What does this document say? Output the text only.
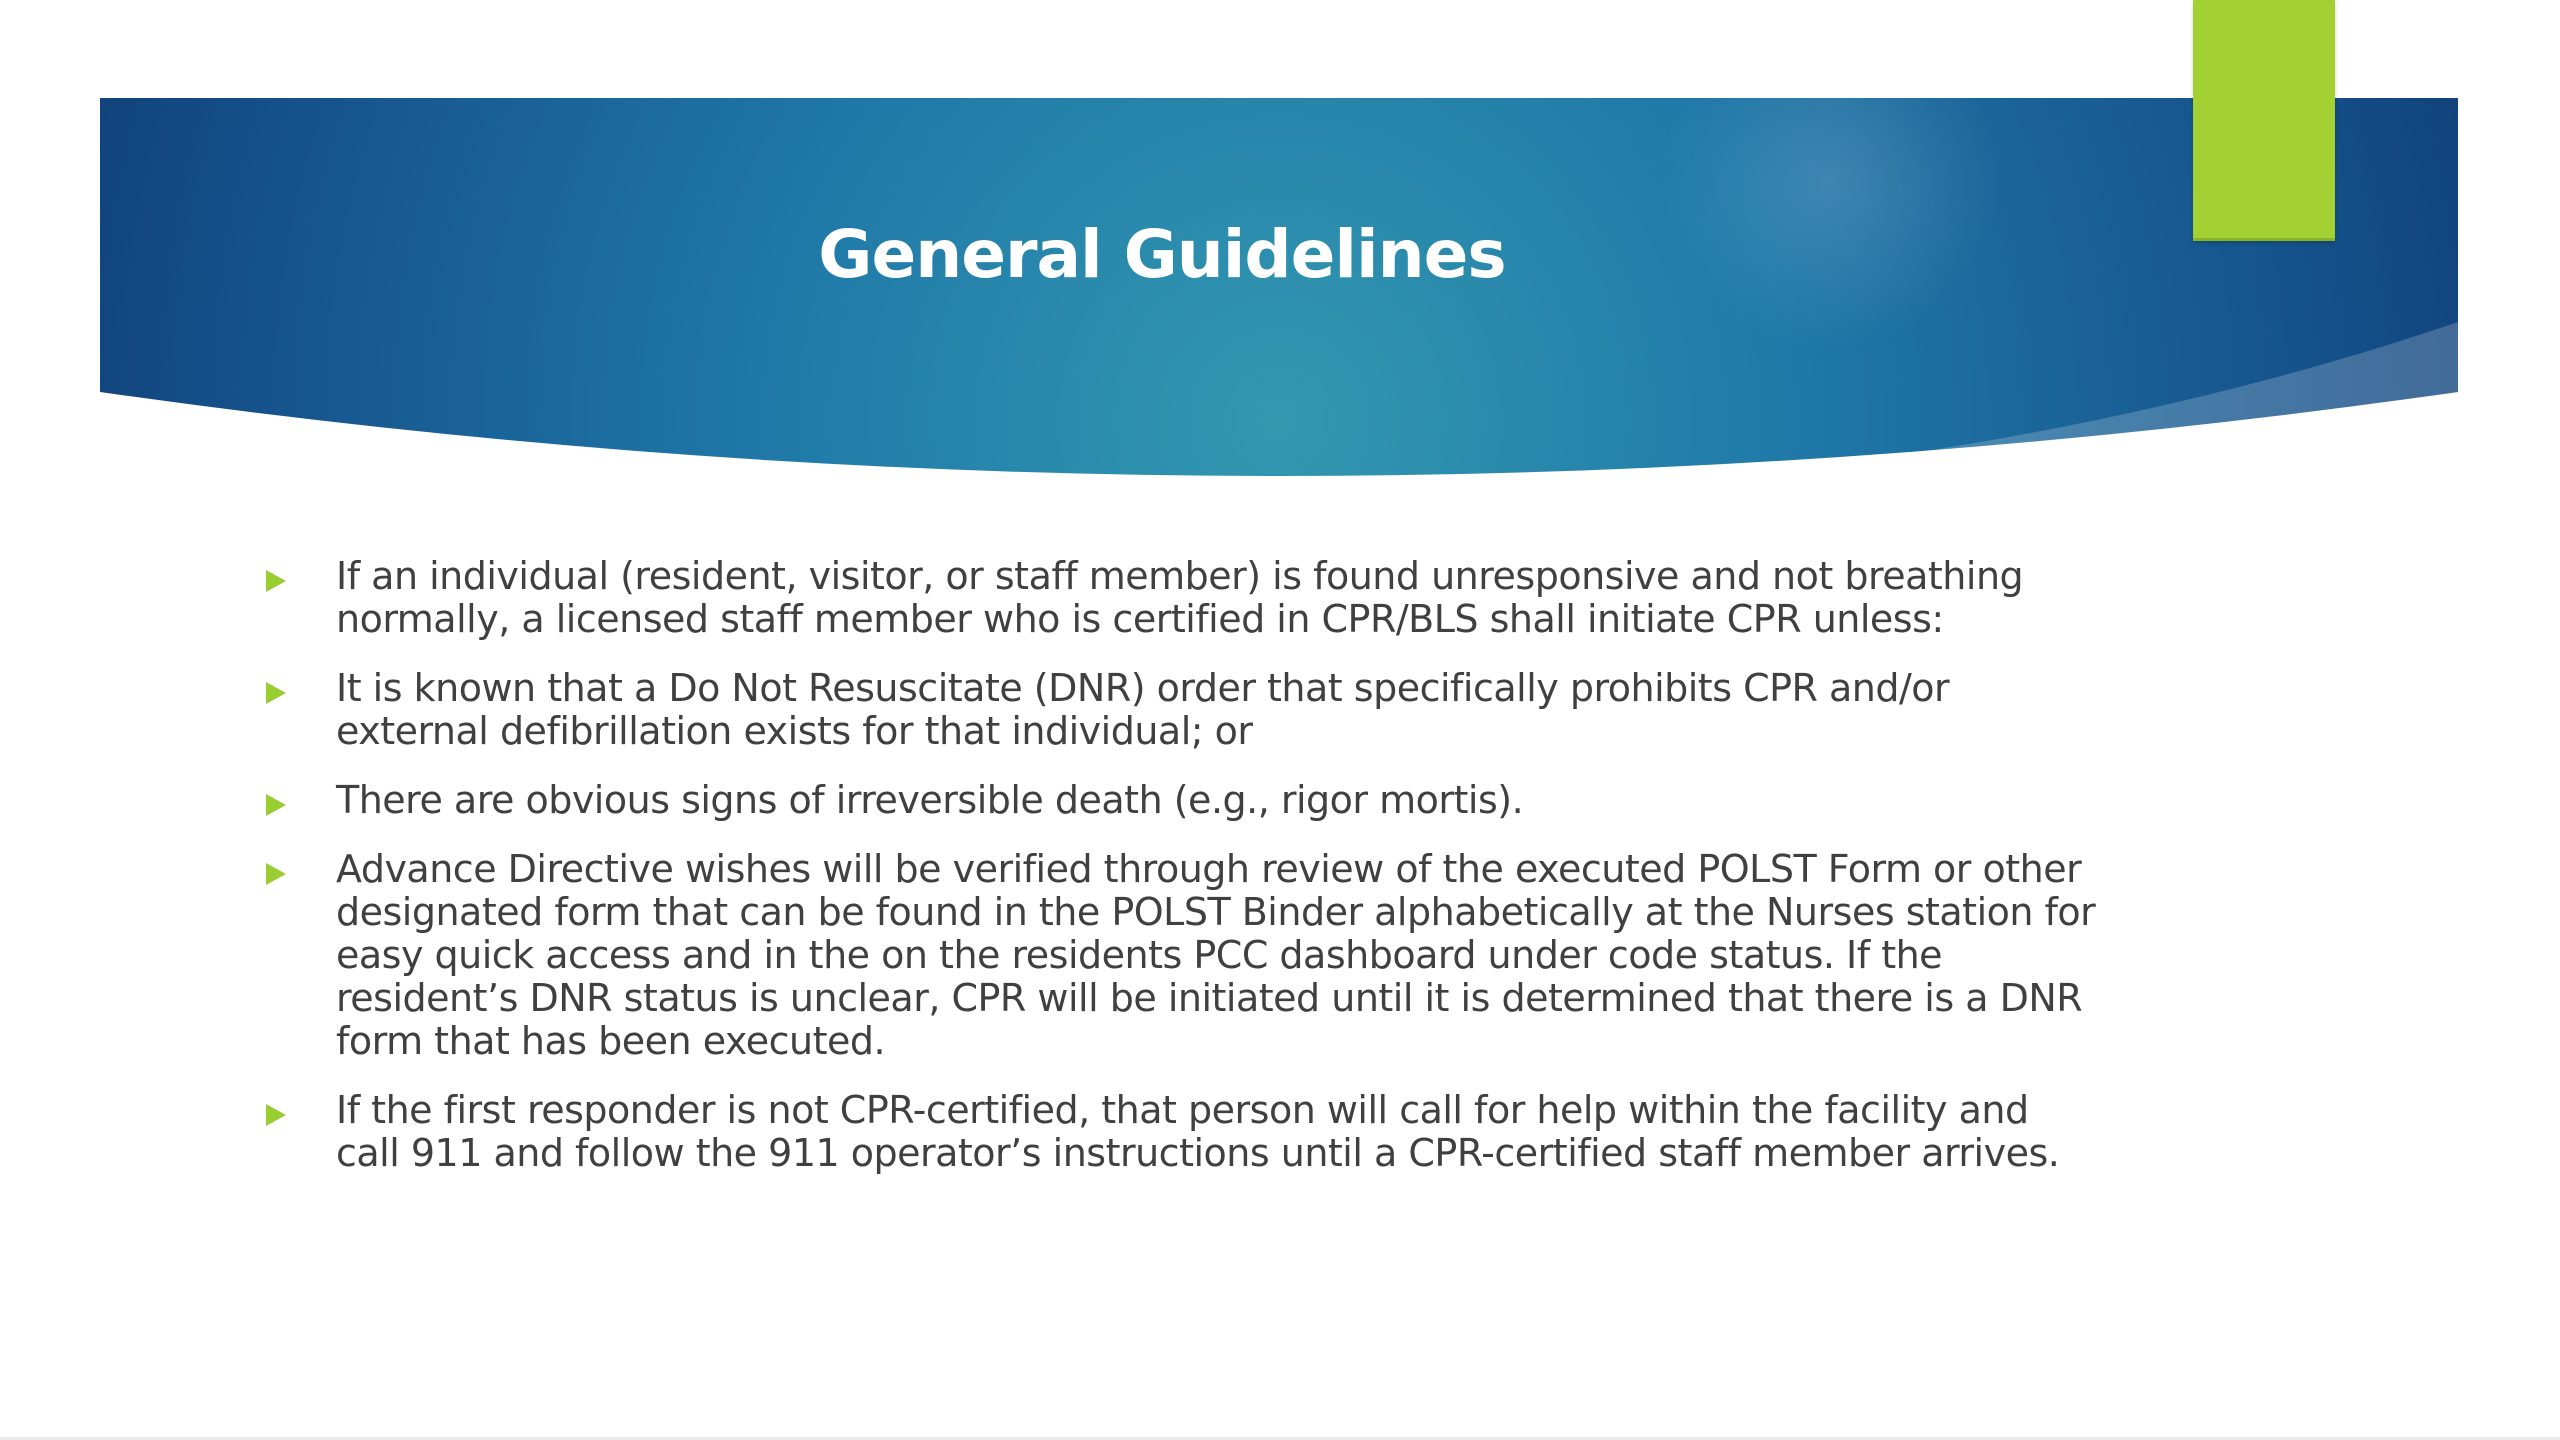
General Guidelines
If an individual (resident, visitor, or staff member) is found unresponsive and not breathing normally, a licensed staff member who is certified in CPR/BLS shall initiate CPR unless:
It is known that a Do Not Resuscitate (DNR) order that specifically prohibits CPR and/or external defibrillation exists for that individual; or
There are obvious signs of irreversible death (e.g., rigor mortis).
Advance Directive wishes will be verified through review of the executed POLST Form or other designated form that can be found in the POLST Binder alphabetically at the Nurses station for easy quick access and in the on the residents PCC dashboard under code status. If the resident’s DNR status is unclear, CPR will be initiated until it is determined that there is a DNR form that has been executed.
If the first responder is not CPR-certified, that person will call for help within the facility and call 911 and follow the 911 operator’s instructions until a CPR-certified staff member arrives.
